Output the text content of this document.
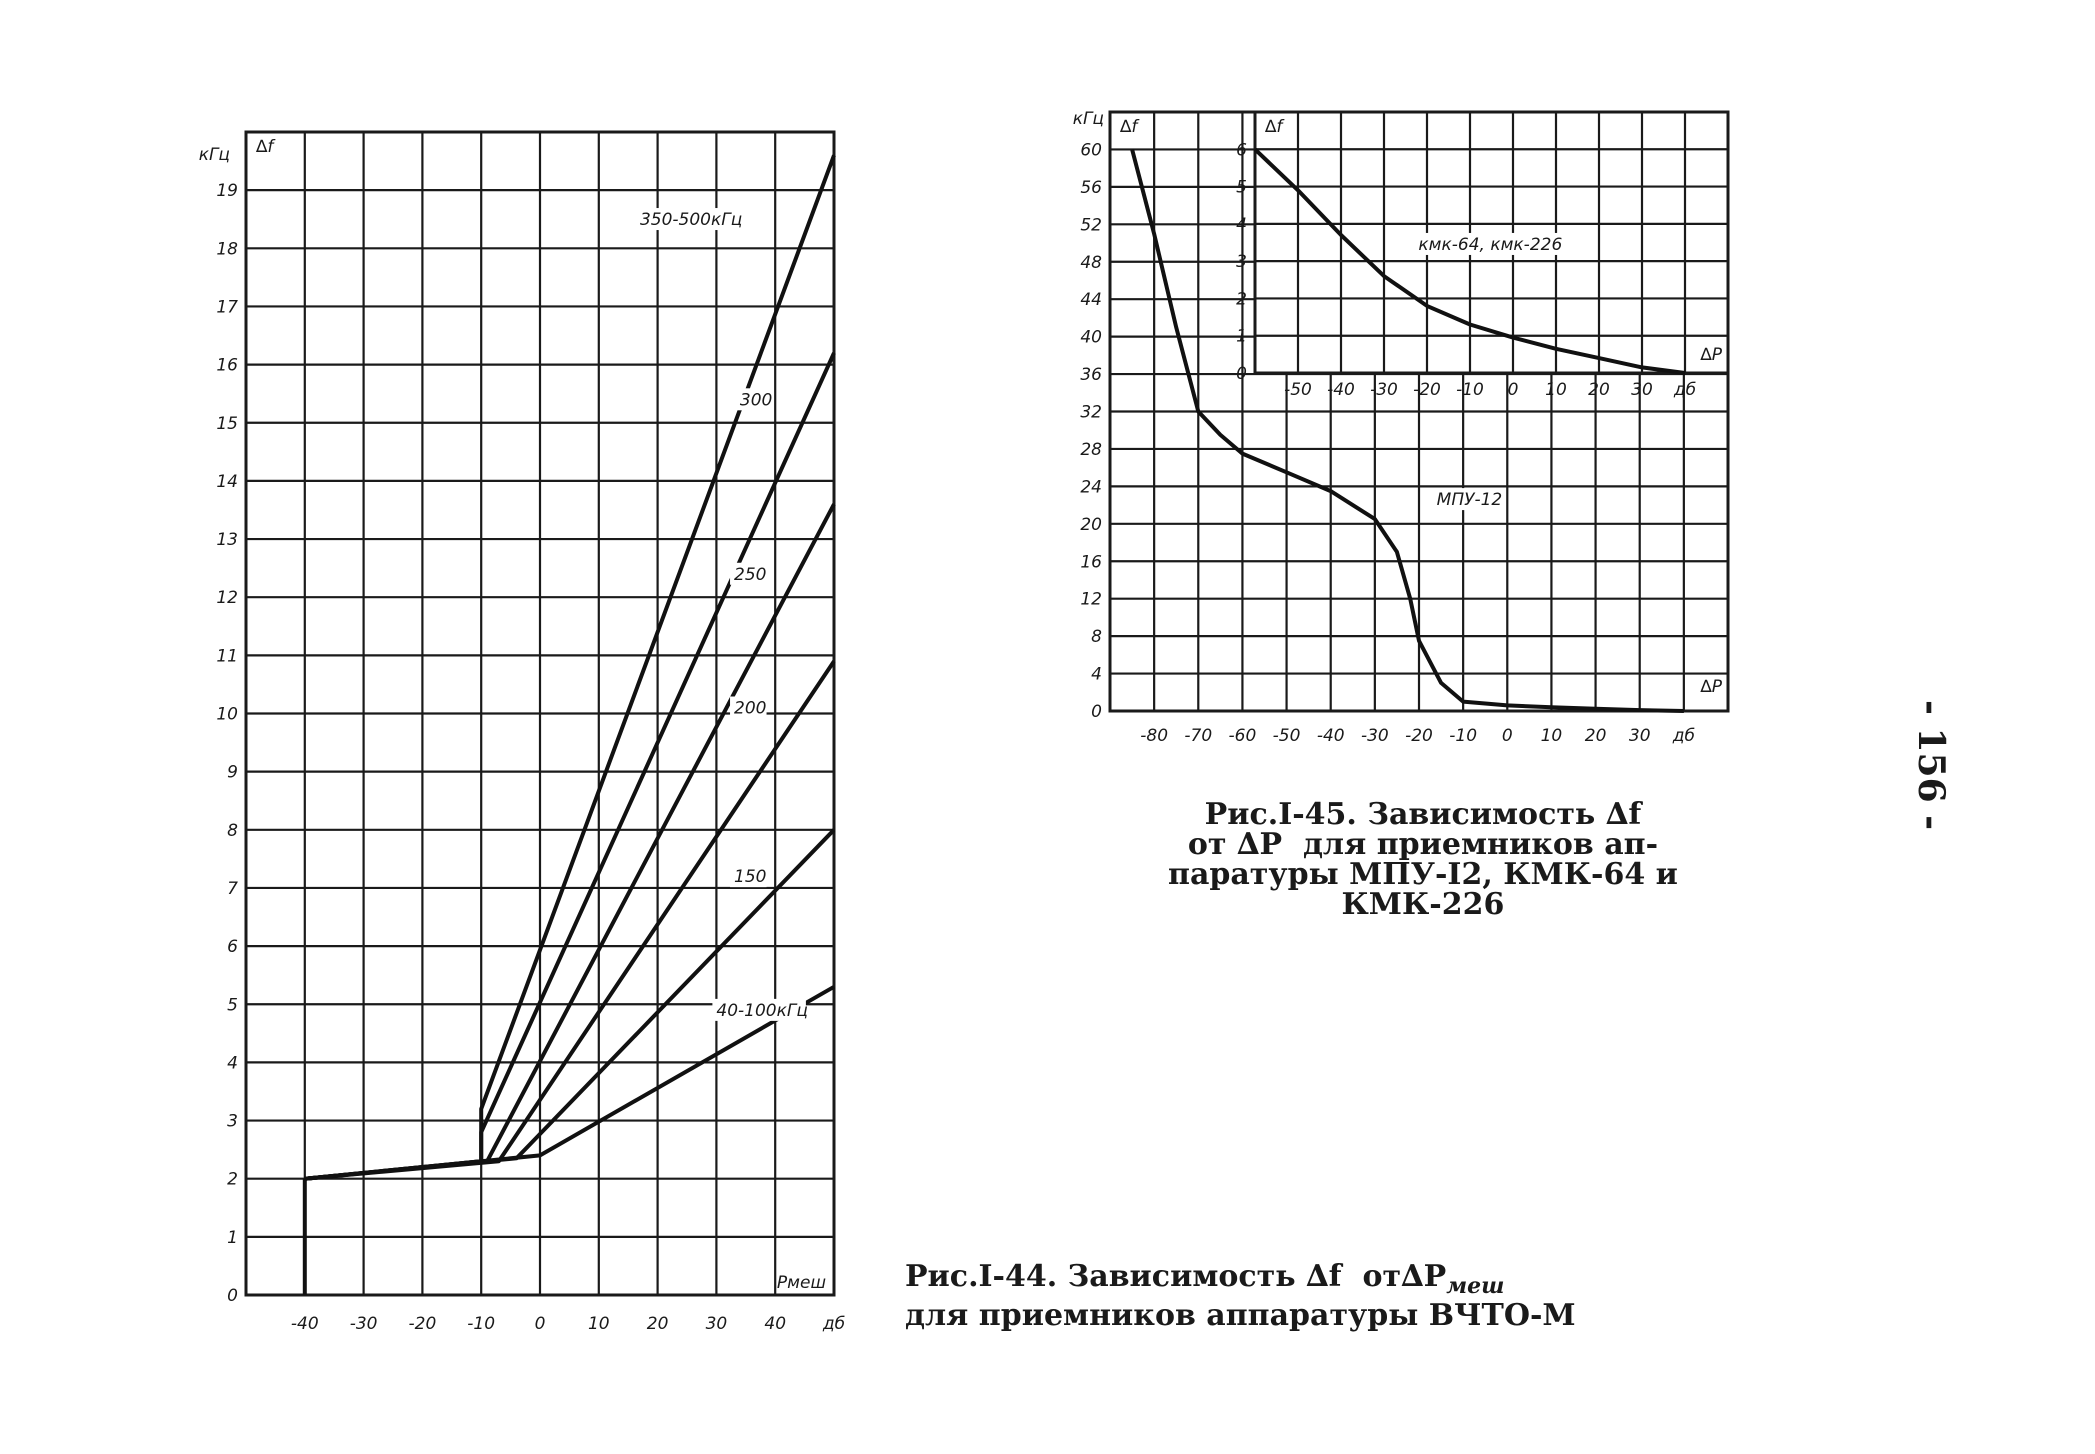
-40 -30 -20 -10 0	10 20 30 40 дб
0
1
2
3
4
5
6
7
8
9
10
11
12
13
14
15
16
17
18
19
кГц ∆f
Pмеш
350-500кГц
300
250
200
150
40-100кГц
-80 -70 -60 -50 -40 -30 -20 -10 0 10 20 30 дб
0
4
8
12
16
20
24
28
32
36
40
44
48
52
56
60
кГц ∆f
∆P
МПУ-12
-50 -40 -30 -20 -10 0 10 20 30 дб
0
1
2
3
4
5
6
∆f
∆P
кмк-64, кмк-226
Рис.I-44. Зависимость ∆f  $от\Delta P_{меш}$
для приемников аппаратуры ВЧТО-М
Рис.I-45. Зависимость ∆f
от ∆P  для приемников ап-
паратуры МПУ-I2, КМК-64 и
КМК-226
- 156 -
